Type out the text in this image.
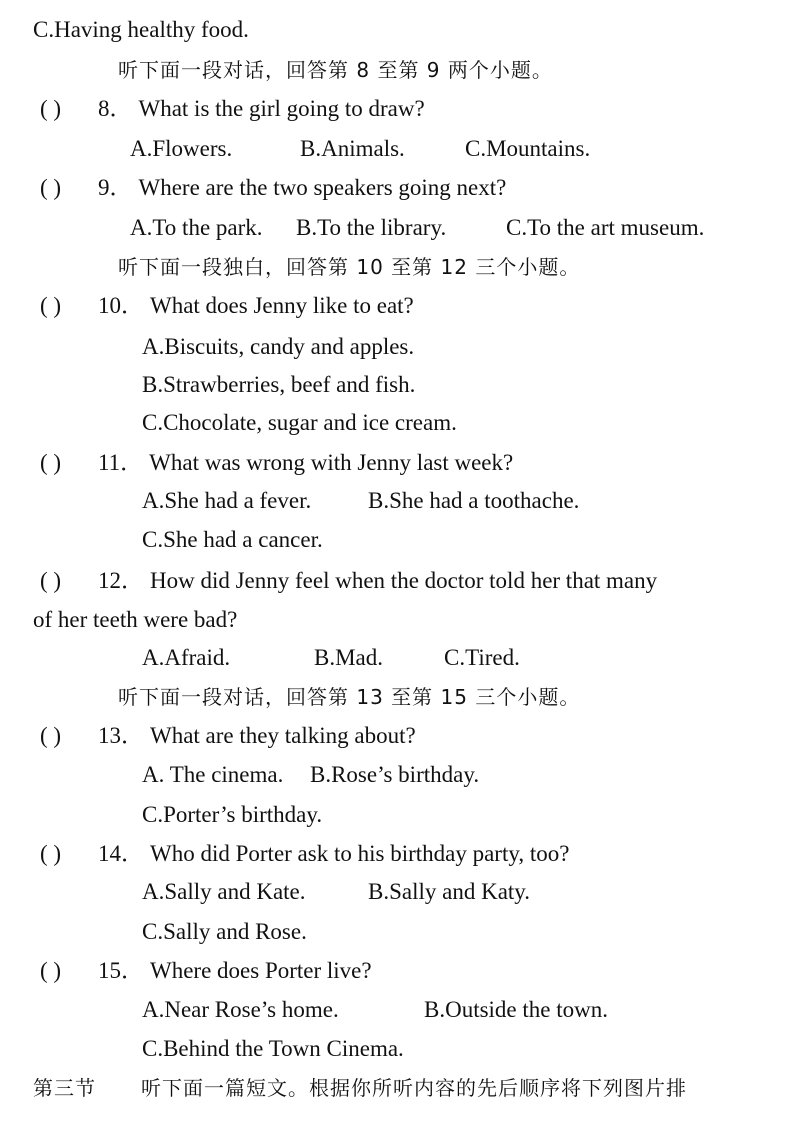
C.Having healthy food.
听下面一段对话，回答第 8 至第 9 两个小题。
( ) 8． What is the girl going to draw?
A.Flowers.	B.Animals.	C.Mountains.
( ) 9． Where are the two speakers going next?
A.To the park. B.To the library.	C.To the art museum.
听下面一段独白，回答第 10 至第 12 三个小题。
( ) 10． What does Jenny like to eat?
A.Biscuits, candy and apples.
B.Strawberries, beef and fish.
C.Chocolate, sugar and ice cream.
( ) 11． What was wrong with Jenny last week?
A.She had a fever. B.She had a toothache.
C.She had a cancer.
( ) 12． How did Jenny feel when the doctor told her that many
of her teeth were bad?
A.Afraid.	B.Mad.	C.Tired.
听下面一段对话，回答第 13 至第 15 三个小题。
( ) 13． What are they talking about?
A. The cinema. B.Rose’s birthday.
C.Porter’s birthday.
( ) 14． Who did Porter ask to his birthday party, too?
A.Sally and Kate.	B.Sally and Katy.
C.Sally and Rose.
( ) 15． Where does Porter live?
A.Near Rose’s home.	B.Outside the town.
C.Behind the Town Cinema.
第三节 听下面一篇短文。根据你所听内容的先后顺序将下列图片排
